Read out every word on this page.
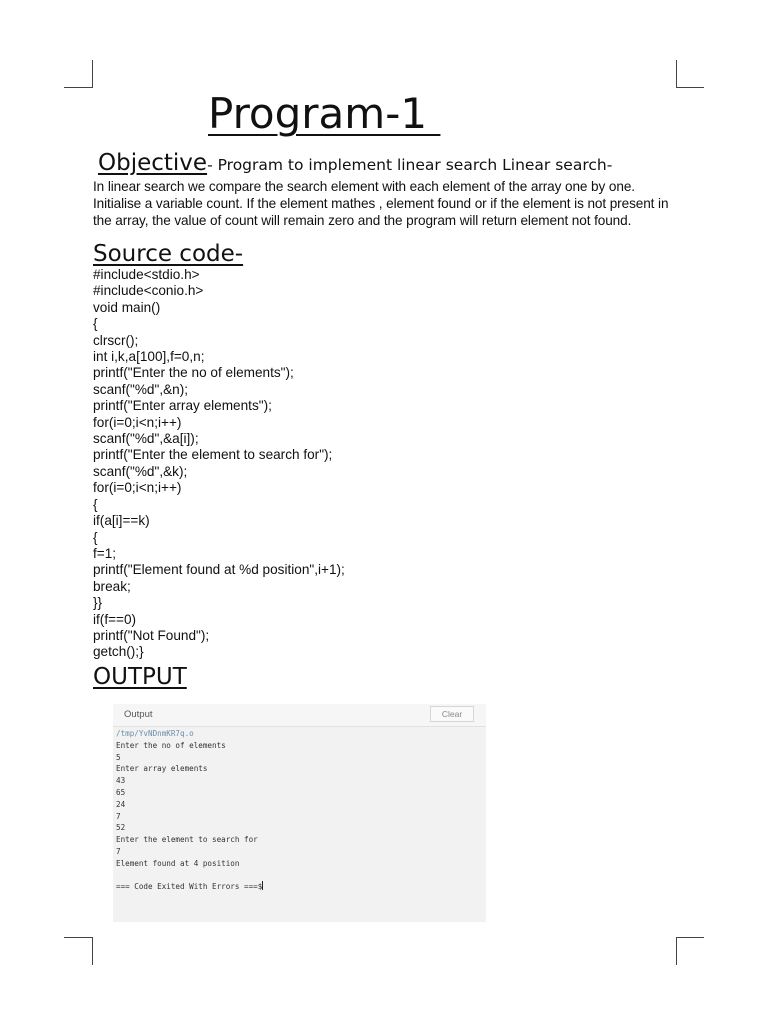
Program-1
Objective- Program to implement linear search Linear search-

In linear search we compare the search element with each element of the array one by one.
Initialise a variable count. If the element mathes , element found or if the element is not present in
the array, the value of count will remain zero and the program will return element not found.

Source code-
#include<stdio.h>
#include<conio.h>
void main()
{
clrscr();
int i,k,a[100],f=0,n;
printf("Enter the no of elements");
scanf("%d",&n);
printf("Enter array elements");
for(i=0;i<n;i++)
scanf("%d",&a[i]);
printf("Enter the element to search for");
scanf("%d",&k);
for(i=0;i<n;i++)
{
if(a[i]==k)
{
f=1;
printf("Element found at %d position",i+1);
break;
}}
if(f==0)
printf("Not Found");
getch();}
OUTPUT
Output	Clear
/tmp/YvNDnmKR7q.o
Enter the no of elements
5
Enter array elements
43
65
24
7
52
Enter the element to search for
7
Element found at 4 position
=== Code Exited With Errors ===$
